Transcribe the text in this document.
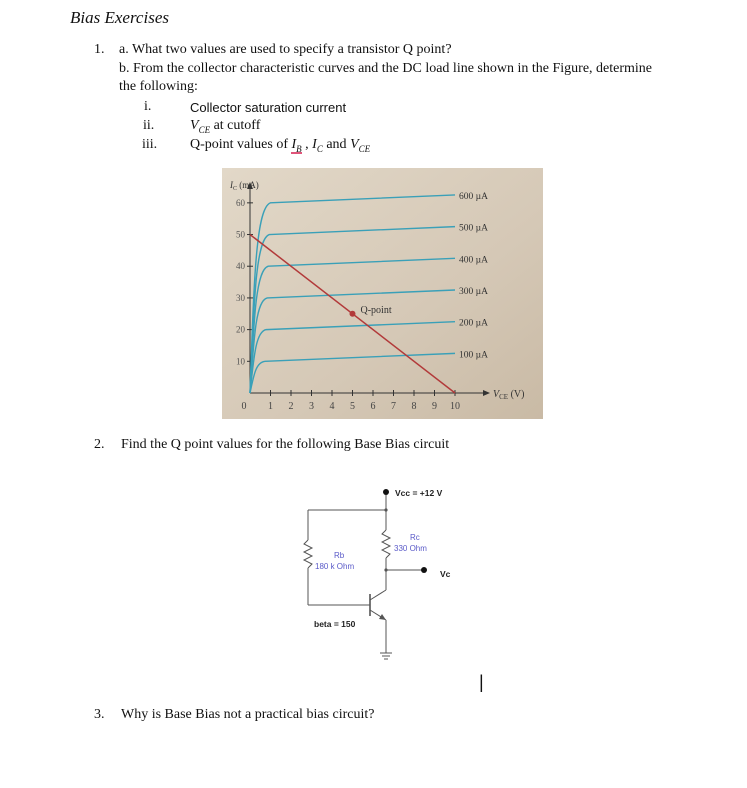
Bias Exercises
1. a. What two values are used to specify a transistor Q point?
b. From the collector characteristic curves and the DC load line shown in the Figure, determine
the following:
i.	Collector saturation current
ii.	$V_{CE}$ at cutoff
iii. Q-point values of $I_B$ , $I_C$ and $V_{CE}$
$I_C$ (mA)
$V_{CE}$ (V)
10
20
30
40
50
60
0 1 2 3 4 5 6 7 8 9 10
100 µA
200 µA
300 µA
400 µA
500 µA
600 µA
Q-point
2. Find the Q point values for the following Base Bias circuit
Vcc = +12 V
Rc
330 Ohm
Rb
180 k Ohm
Vc
beta = 150
|
3. Why is Base Bias not a practical bias circuit?
